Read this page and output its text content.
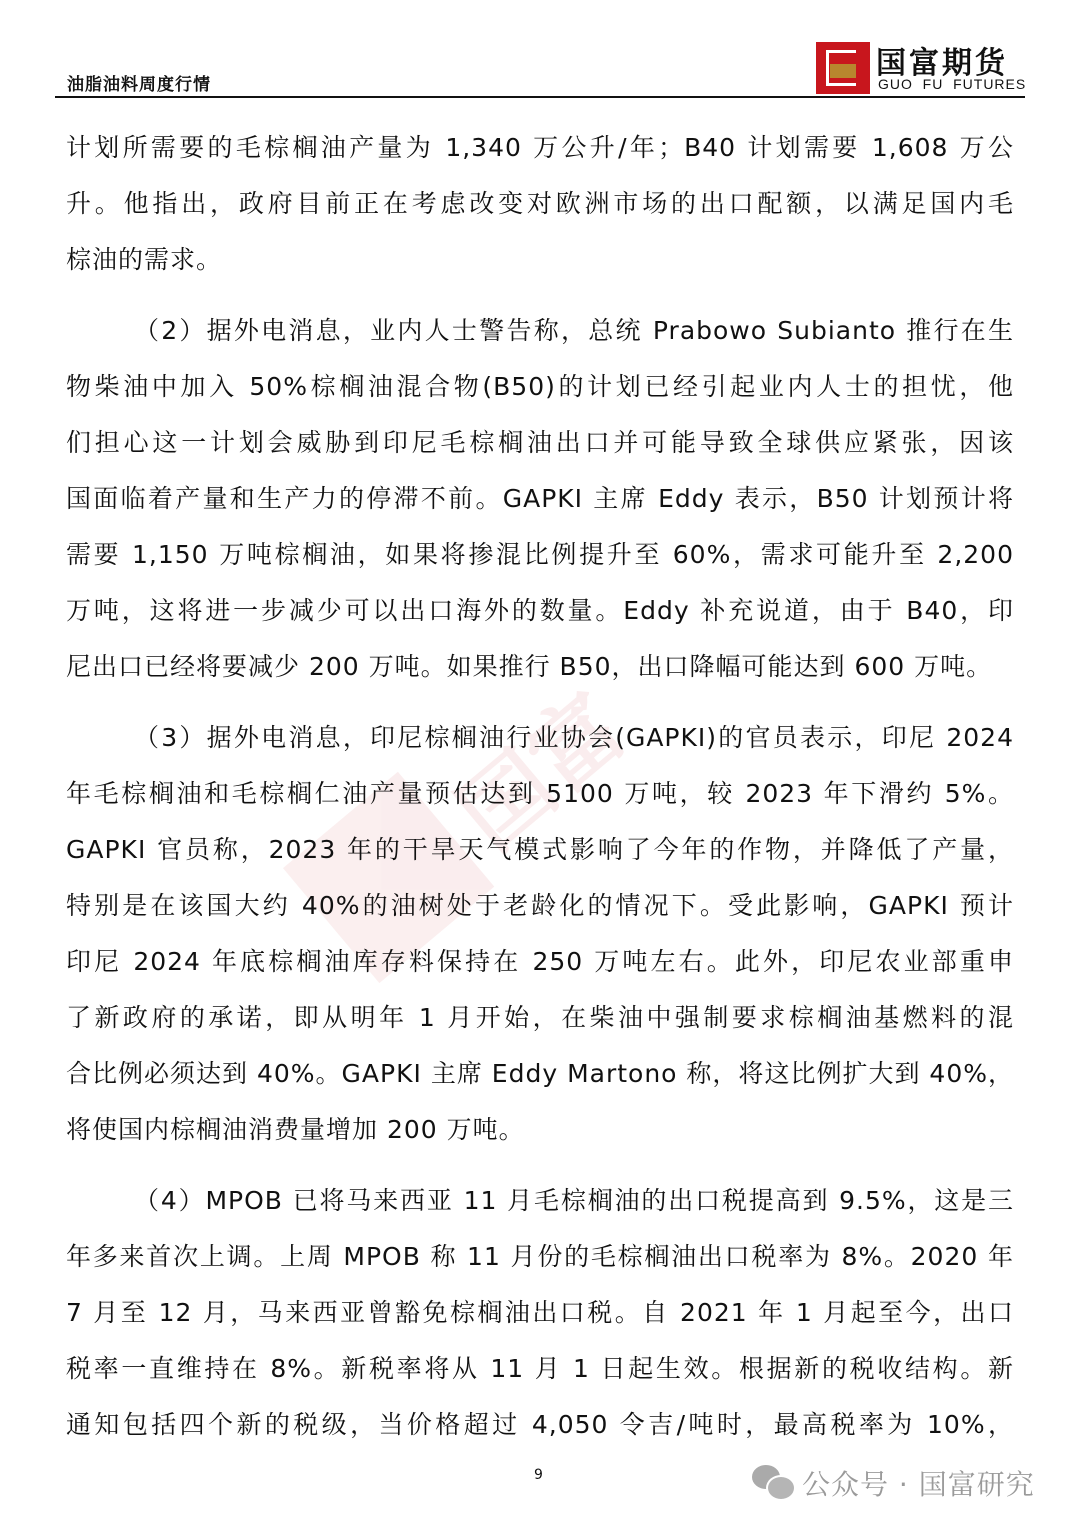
油脂油料周度行情
国富期货
GUO  FU  FUTURES
国富
计划所需要的毛棕榈油产量为 1,340 万公升/年；B40 计划需要 1,608 万公
升。他指出，政府目前正在考虑改变对欧洲市场的出口配额，以满足国内毛
棕油的需求。
（2）据外电消息，业内人士警告称，总统 Prabowo Subianto 推行在生
物柴油中加入 50%棕榈油混合物(B50)的计划已经引起业内人士的担忧，他
们担心这一计划会威胁到印尼毛棕榈油出口并可能导致全球供应紧张，因该
国面临着产量和生产力的停滞不前。GAPKI 主席 Eddy 表示，B50 计划预计将
需要 1,150 万吨棕榈油，如果将掺混比例提升至 60%，需求可能升至 2,200
万吨，这将进一步减少可以出口海外的数量。Eddy 补充说道，由于 B40，印
尼出口已经将要减少 200 万吨。如果推行 B50，出口降幅可能达到 600 万吨。
（3）据外电消息，印尼棕榈油行业协会(GAPKI)的官员表示，印尼 2024
年毛棕榈油和毛棕榈仁油产量预估达到 5100 万吨，较 2023 年下滑约 5%。
GAPKI 官员称，2023 年的干旱天气模式影响了今年的作物，并降低了产量，
特别是在该国大约 40%的油树处于老龄化的情况下。受此影响，GAPKI 预计
印尼 2024 年底棕榈油库存料保持在 250 万吨左右。此外，印尼农业部重申
了新政府的承诺，即从明年 1 月开始，在柴油中强制要求棕榈油基燃料的混
合比例必须达到 40%。GAPKI 主席 Eddy Martono 称，将这比例扩大到 40%，
将使国内棕榈油消费量增加 200 万吨。
（4）MPOB 已将马来西亚 11 月毛棕榈油的出口税提高到 9.5%，这是三
年多来首次上调。上周 MPOB 称 11 月份的毛棕榈油出口税率为 8%。2020 年
7 月至 12 月，马来西亚曾豁免棕榈油出口税。自 2021 年 1 月起至今，出口
税率一直维持在 8%。新税率将从 11 月 1 日起生效。根据新的税收结构。新
通知包括四个新的税级，当价格超过 4,050 令吉/吨时，最高税率为 10%，
9	公众号 · 国富研究
